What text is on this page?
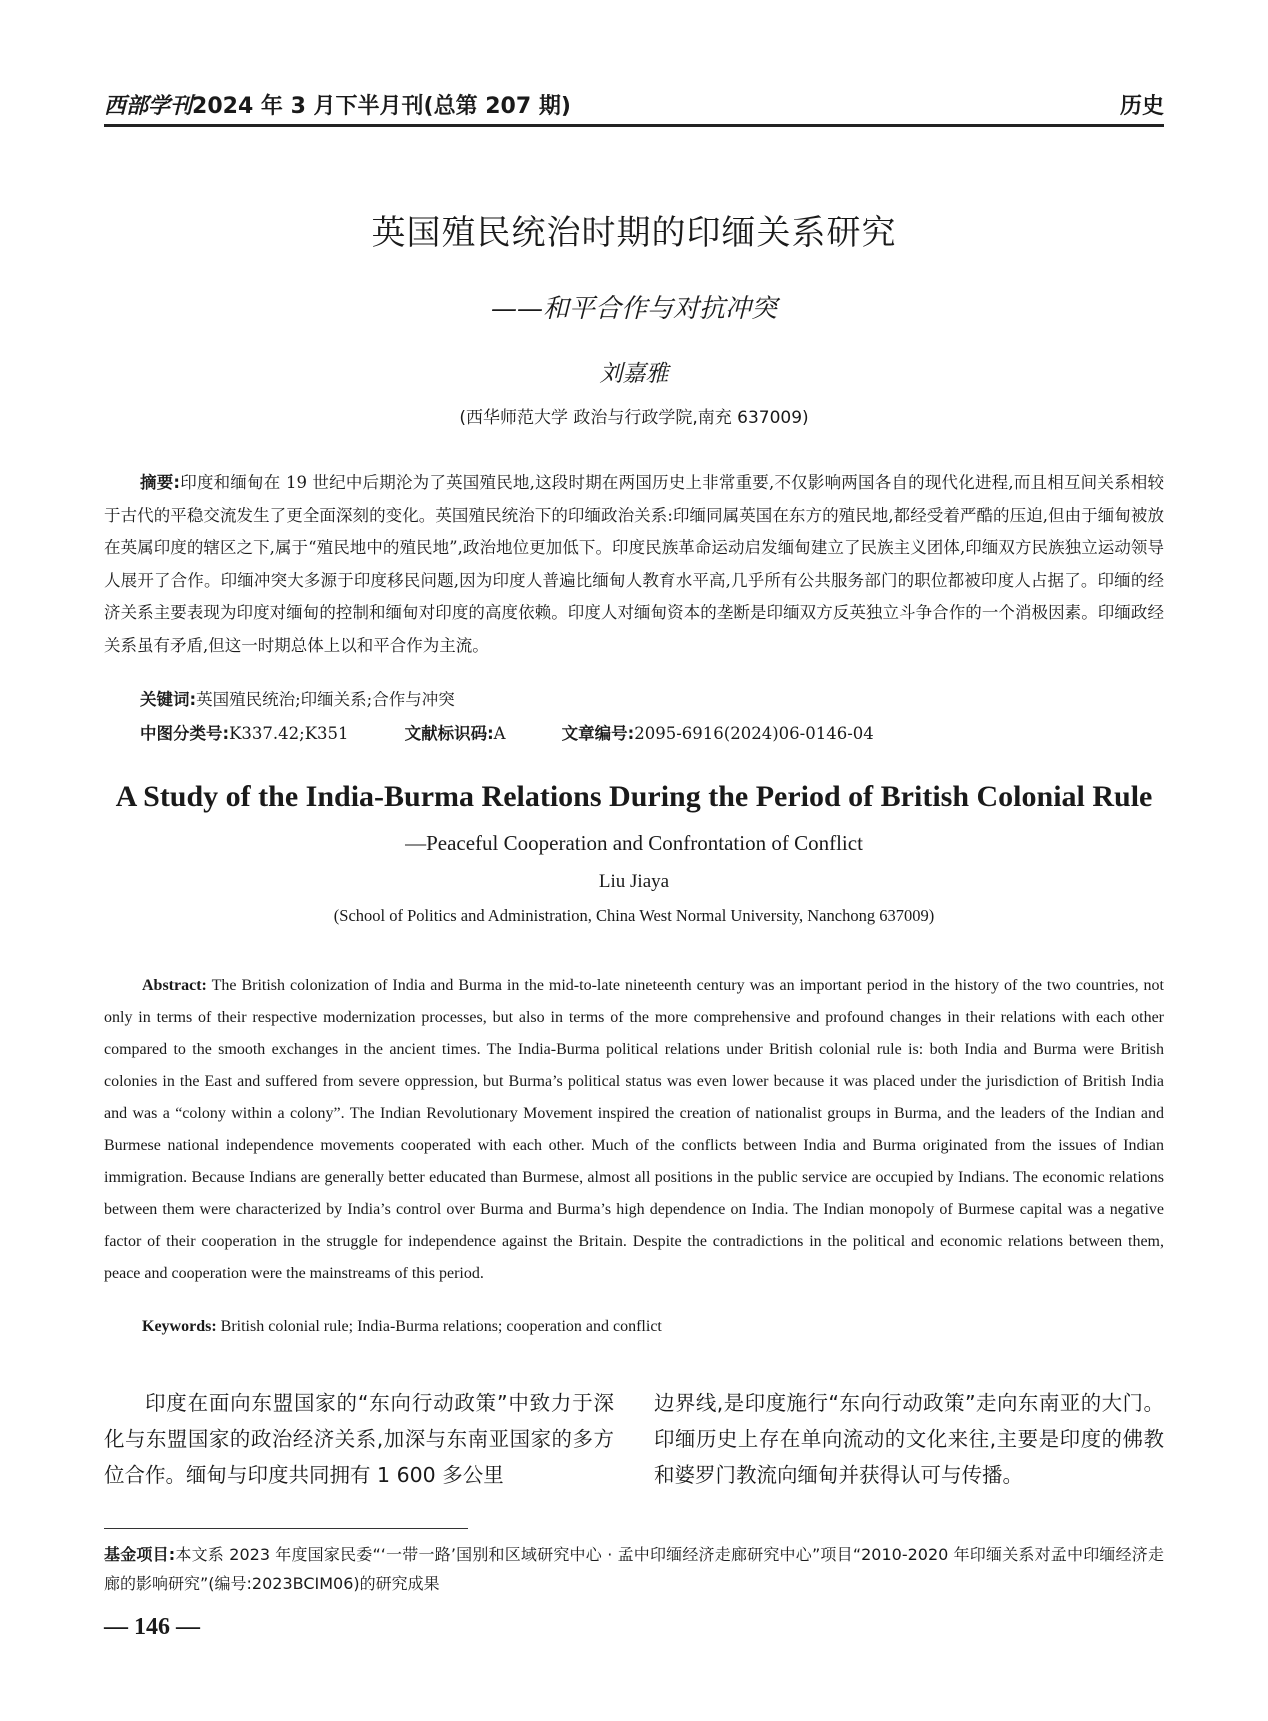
西部学刊2024 年 3 月下半月刊(总第 207 期)	历史
英国殖民统治时期的印缅关系研究
——和平合作与对抗冲突
刘嘉雅
(西华师范大学 政治与行政学院,南充 637009)
摘要:印度和缅甸在 19 世纪中后期沦为了英国殖民地,这段时期在两国历史上非常重要,不仅影响两国各自的现代化进程,而且相互间关系相较于古代的平稳交流发生了更全面深刻的变化。英国殖民统治下的印缅政治关系:印缅同属英国在东方的殖民地,都经受着严酷的压迫,但由于缅甸被放在英属印度的辖区之下,属于“殖民地中的殖民地”,政治地位更加低下。印度民族革命运动启发缅甸建立了民族主义团体,印缅双方民族独立运动领导人展开了合作。印缅冲突大多源于印度移民问题,因为印度人普遍比缅甸人教育水平高,几乎所有公共服务部门的职位都被印度人占据了。印缅的经济关系主要表现为印度对缅甸的控制和缅甸对印度的高度依赖。印度人对缅甸资本的垄断是印缅双方反英独立斗争合作的一个消极因素。印缅政经关系虽有矛盾,但这一时期总体上以和平合作为主流。
关键词:英国殖民统治;印缅关系;合作与冲突
中图分类号:K337.42;K351	文献标识码:A	文章编号:2095-6916(2024)06-0146-04
A Study of the India-Burma Relations During the Period of British Colonial Rule
—Peaceful Cooperation and Confrontation of Conflict
Liu Jiaya
(School of Politics and Administration, China West Normal University, Nanchong 637009)
Abstract: The British colonization of India and Burma in the mid-to-late nineteenth century was an important period in the history of the two countries, not only in terms of their respective modernization processes, but also in terms of the more comprehensive and profound changes in their relations with each other compared to the smooth exchanges in the ancient times. The India-Burma political relations under British colonial rule is: both India and Burma were British colonies in the East and suffered from severe oppression, but Burma’s political status was even lower because it was placed under the jurisdiction of British India and was a “colony within a colony”. The Indian Revolutionary Movement inspired the creation of nationalist groups in Burma, and the leaders of the Indian and Burmese national independence movements cooperated with each other. Much of the conflicts between India and Burma originated from the issues of Indian immigration. Because Indians are generally better educated than Burmese, almost all positions in the public service are occupied by Indians. The economic relations between them were characterized by India’s control over Burma and Burma’s high dependence on India. The Indian monopoly of Burmese capital was a negative factor of their cooperation in the struggle for independence against the Britain. Despite the contradictions in the political and economic relations between them, peace and cooperation were the mainstreams of this period.
Keywords: British colonial rule; India-Burma relations; cooperation and conflict
印度在面向东盟国家的“东向行动政策”中致力于深化与东盟国家的政治经济关系,加深与东南亚国家的多方位合作。缅甸与印度共同拥有 1 600 多公里
边界线,是印度施行“东向行动政策”走向东南亚的大门。印缅历史上存在单向流动的文化来往,主要是印度的佛教和婆罗门教流向缅甸并获得认可与传播。
基金项目:本文系 2023 年度国家民委“‘一带一路’国别和区域研究中心 · 孟中印缅经济走廊研究中心”项目“2010-2020 年印缅关系对孟中印缅经济走廊的影响研究”(编号:2023BCIM06)的研究成果
— 146 —
